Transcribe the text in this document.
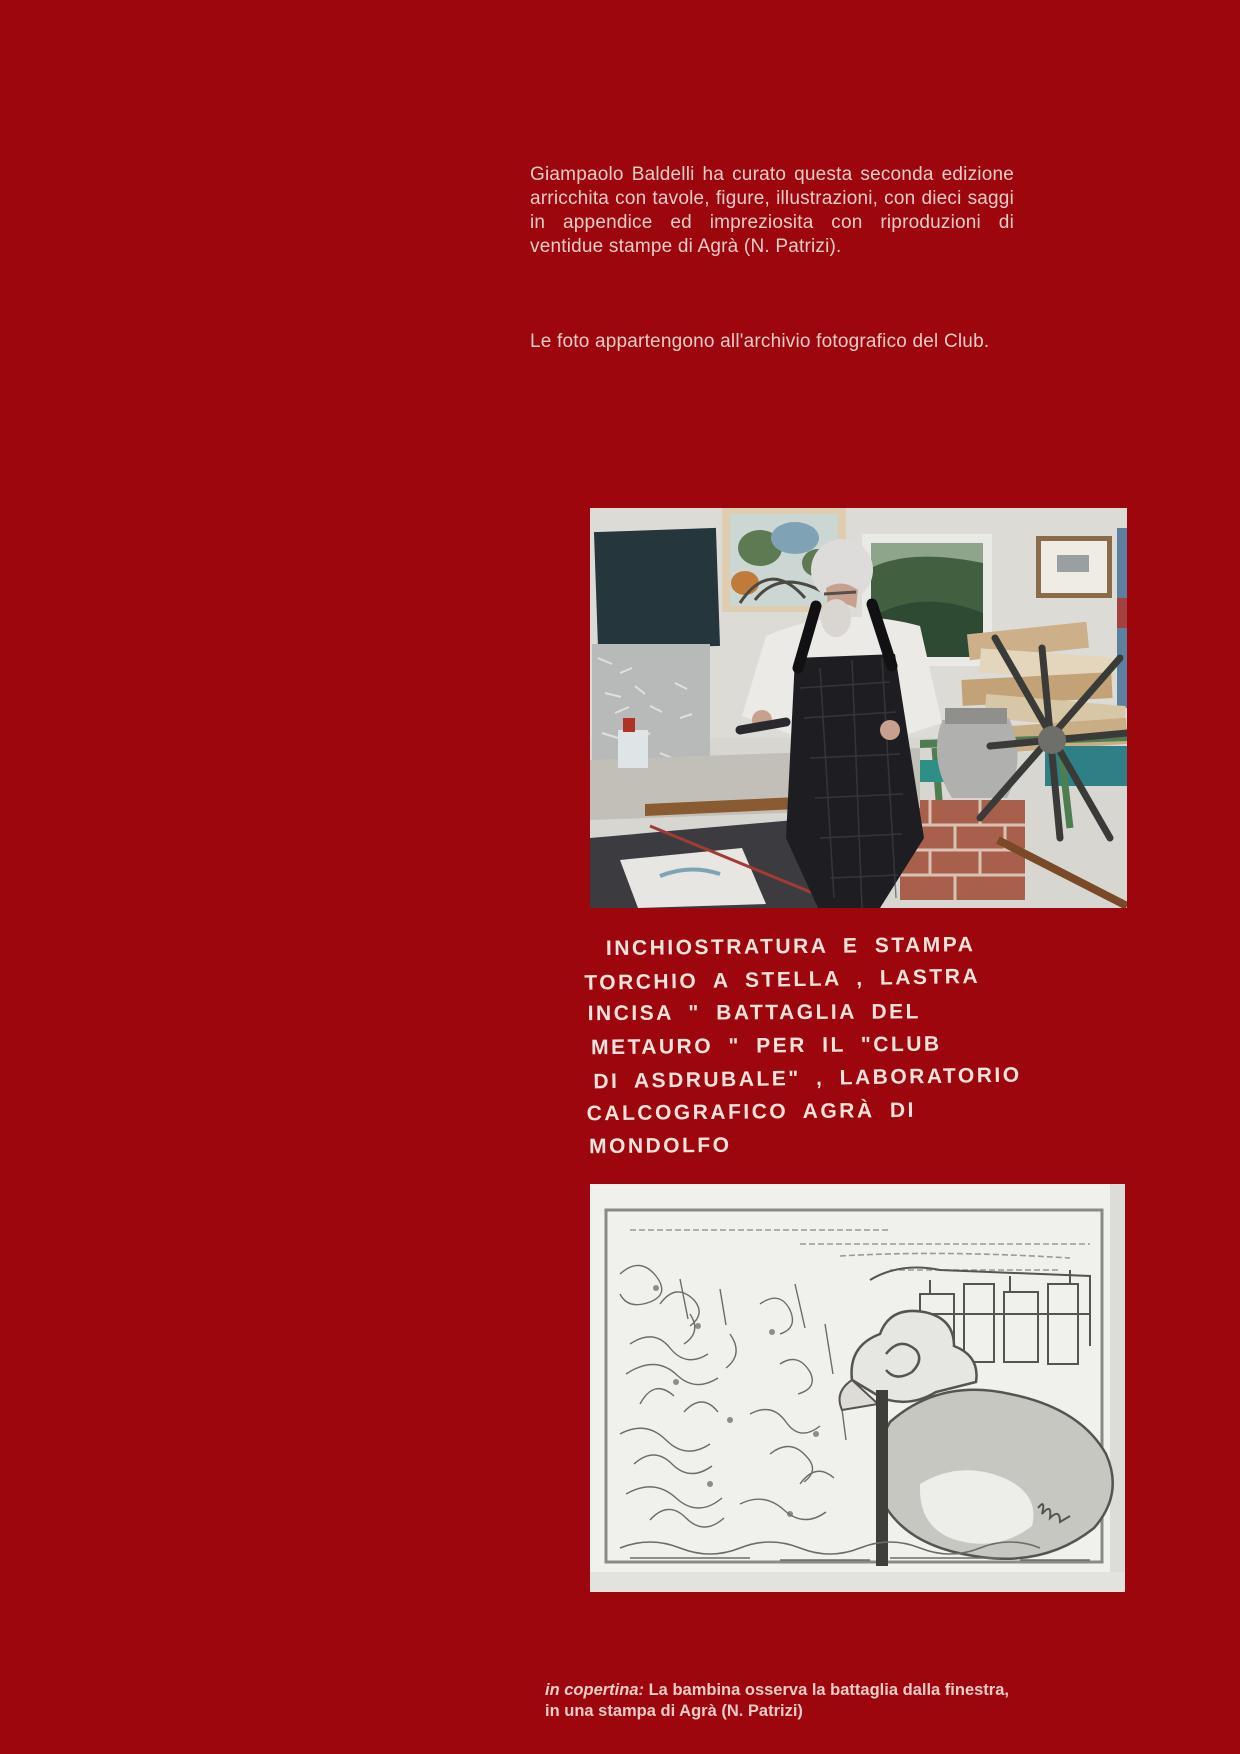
Giampaolo Baldelli ha curato questa seconda edizione arricchita con tavole, figure, illustrazioni, con dieci saggi in appendice ed impreziosita con riproduzioni di ventidue stampe di Agrà (N. Patrizi).

Le foto appartengono all'archivio fotografico del Club.

INCHIOSTRATURA E STAMPA
TORCHIO A STELLA , LASTRA
INCISA " BATTAGLIA DEL
METAURO " PER IL "CLUB
DI ASDRUBALE" , LABORATORIO
CALCOGRAFICO AGRÀ DI
MONDOLFO

in copertina: La bambina osserva la battaglia dalla finestra, in una stampa di Agrà (N. Patrizi)
